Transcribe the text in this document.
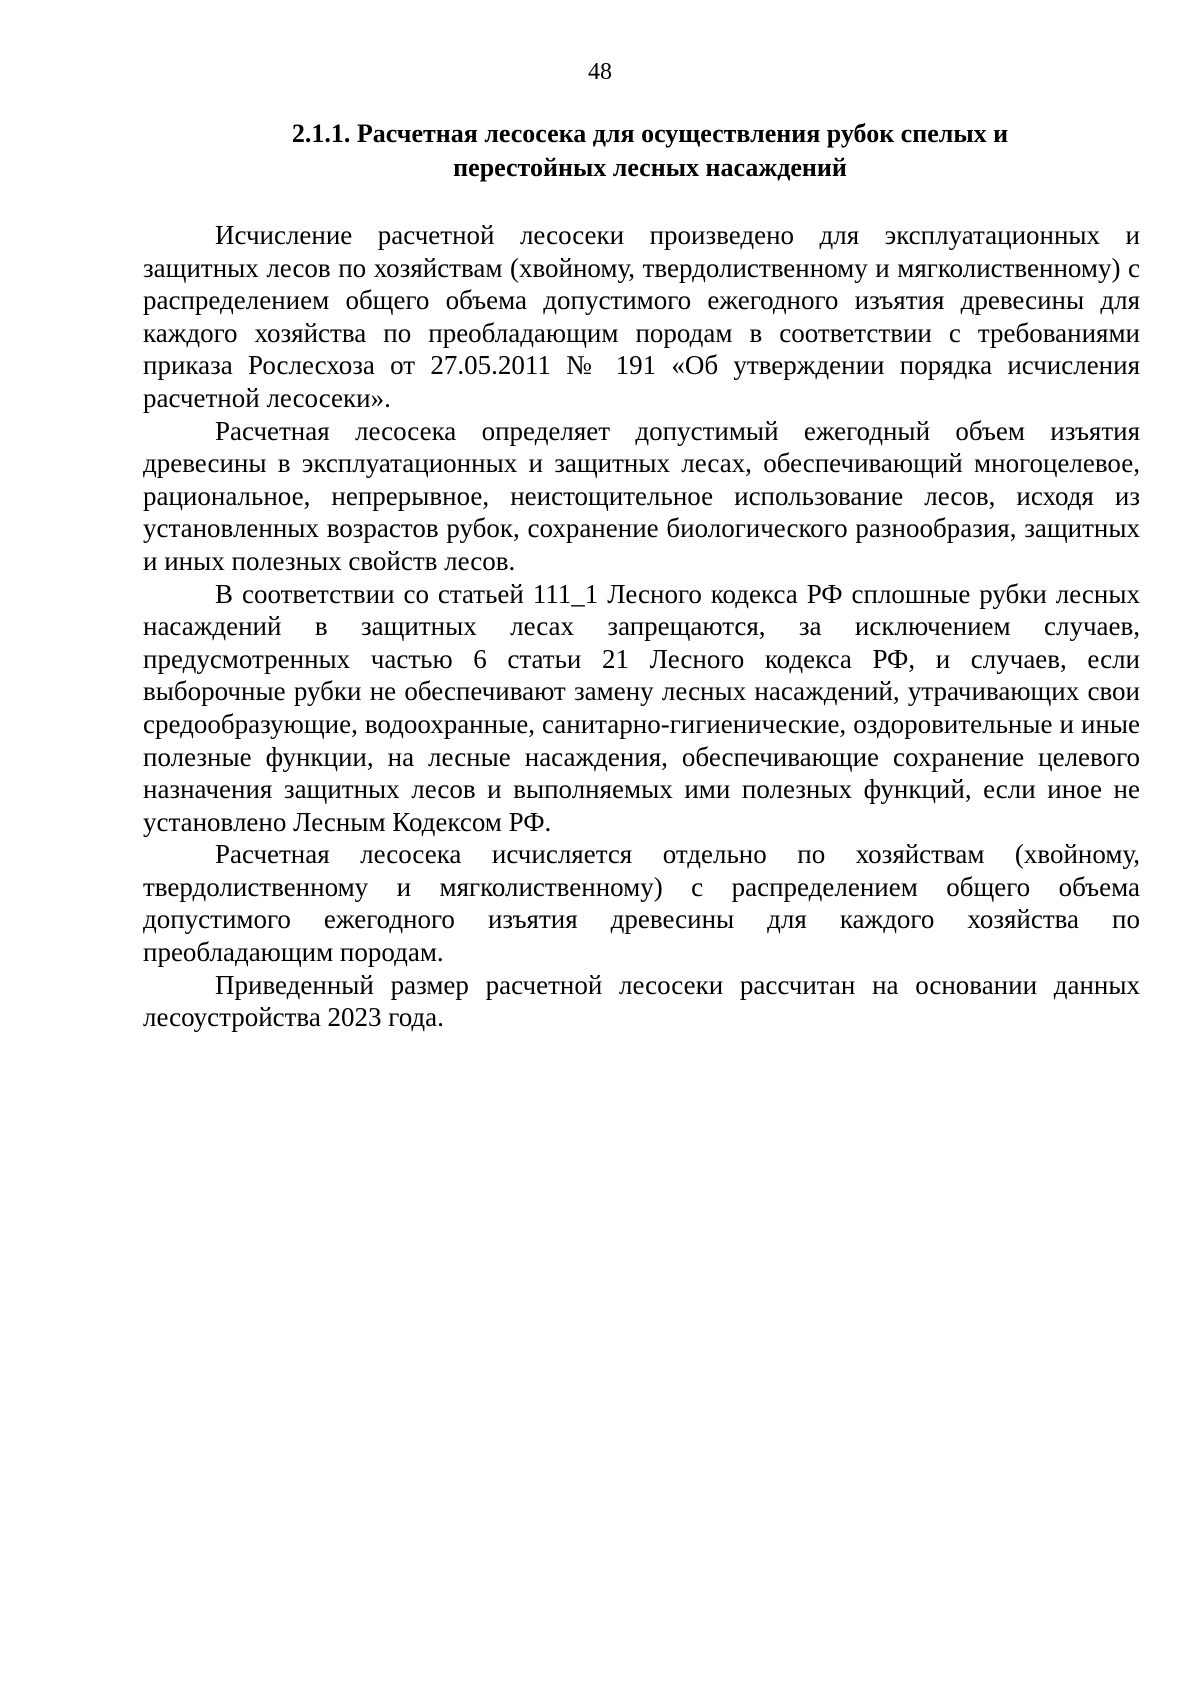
48
2.1.1. Расчетная лесосека для осуществления рубок спелых и
перестойных лесных насаждений

Исчисление расчетной лесосеки произведено для эксплуатационных и защитных лесов по хозяйствам (хвойному, твердолиственному и мягколиственному) с распределением общего объема допустимого ежегодного изъятия древесины для каждого хозяйства по преобладающим породам в соответствии с требованиями приказа Рослесхоза от 27.05.2011 № 191 «Об утверждении порядка исчисления расчетной лесосеки».

Расчетная лесосека определяет допустимый ежегодный объем изъятия древесины в эксплуатационных и защитных лесах, обеспечивающий многоцелевое, рациональное, непрерывное, неистощительное использование лесов, исходя из установленных возрастов рубок, сохранение биологического разнообразия, защитных и иных полезных свойств лесов.

В соответствии со статьей 111_1 Лесного кодекса РФ сплошные рубки лесных насаждений в защитных лесах запрещаются, за исключением случаев, предусмотренных частью 6 статьи 21 Лесного кодекса РФ, и случаев, если выборочные рубки не обеспечивают замену лесных насаждений, утрачивающих свои средообразующие, водоохранные, санитарно-гигиенические, оздоровительные и иные полезные функции, на лесные насаждения, обеспечивающие сохранение целевого назначения защитных лесов и выполняемых ими полезных функций, если иное не установлено Лесным Кодексом РФ.

Расчетная лесосека исчисляется отдельно по хозяйствам (хвойному, твердолиственному и мягколиственному) с распределением общего объема допустимого ежегодного изъятия древесины для каждого хозяйства по преобладающим породам.

Приведенный размер расчетной лесосеки рассчитан на основании данных лесоустройства 2023 года.
